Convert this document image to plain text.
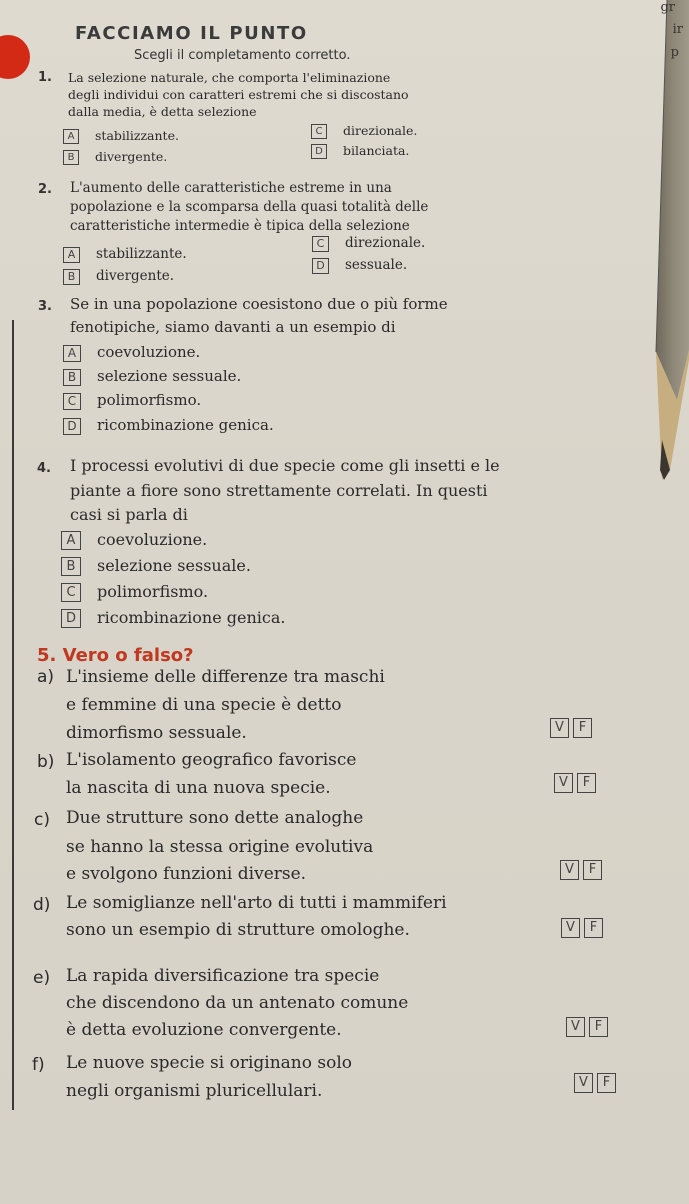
gr
ir
p
FACCIAMO IL PUNTO
Scegli il completamento corretto.
1. La selezione naturale, che comporta l'eliminazione
degli individui con caratteri estremi che si discostano
dalla media, è detta selezione
A stabilizzante.
B divergente.
C direzionale.
D bilanciata.
2. L'aumento delle caratteristiche estreme in una
popolazione e la scomparsa della quasi totalità delle
caratteristiche intermedie è tipica della selezione
A stabilizzante.
B divergente.
C direzionale.
D sessuale.
3. Se in una popolazione coesistono due o più forme
fenotipiche, siamo davanti a un esempio di
A coevoluzione.
B selezione sessuale.
C polimorfismo.
D ricombinazione genica.
4. I processi evolutivi di due specie come gli insetti e le
piante a fiore sono strettamente correlati. In questi
casi si parla di
A coevoluzione.
B selezione sessuale.
C polimorfismo.
D ricombinazione genica.
5. Vero o falso?
a) L'insieme delle differenze tra maschi
e femmine di una specie è detto
dimorfismo sessuale.	V F
b) L'isolamento geografico favorisce
la nascita di una nuova specie.	V F
c) Due strutture sono dette analoghe
se hanno la stessa origine evolutiva
e svolgono funzioni diverse.	V F
d) Le somiglianze nell'arto di tutti i mammiferi
sono un esempio di strutture omologhe.	V F
e) La rapida diversificazione tra specie
che discendono da un antenato comune
è detta evoluzione convergente.	V F
f) Le nuove specie si originano solo
negli organismi pluricellulari.	V F
